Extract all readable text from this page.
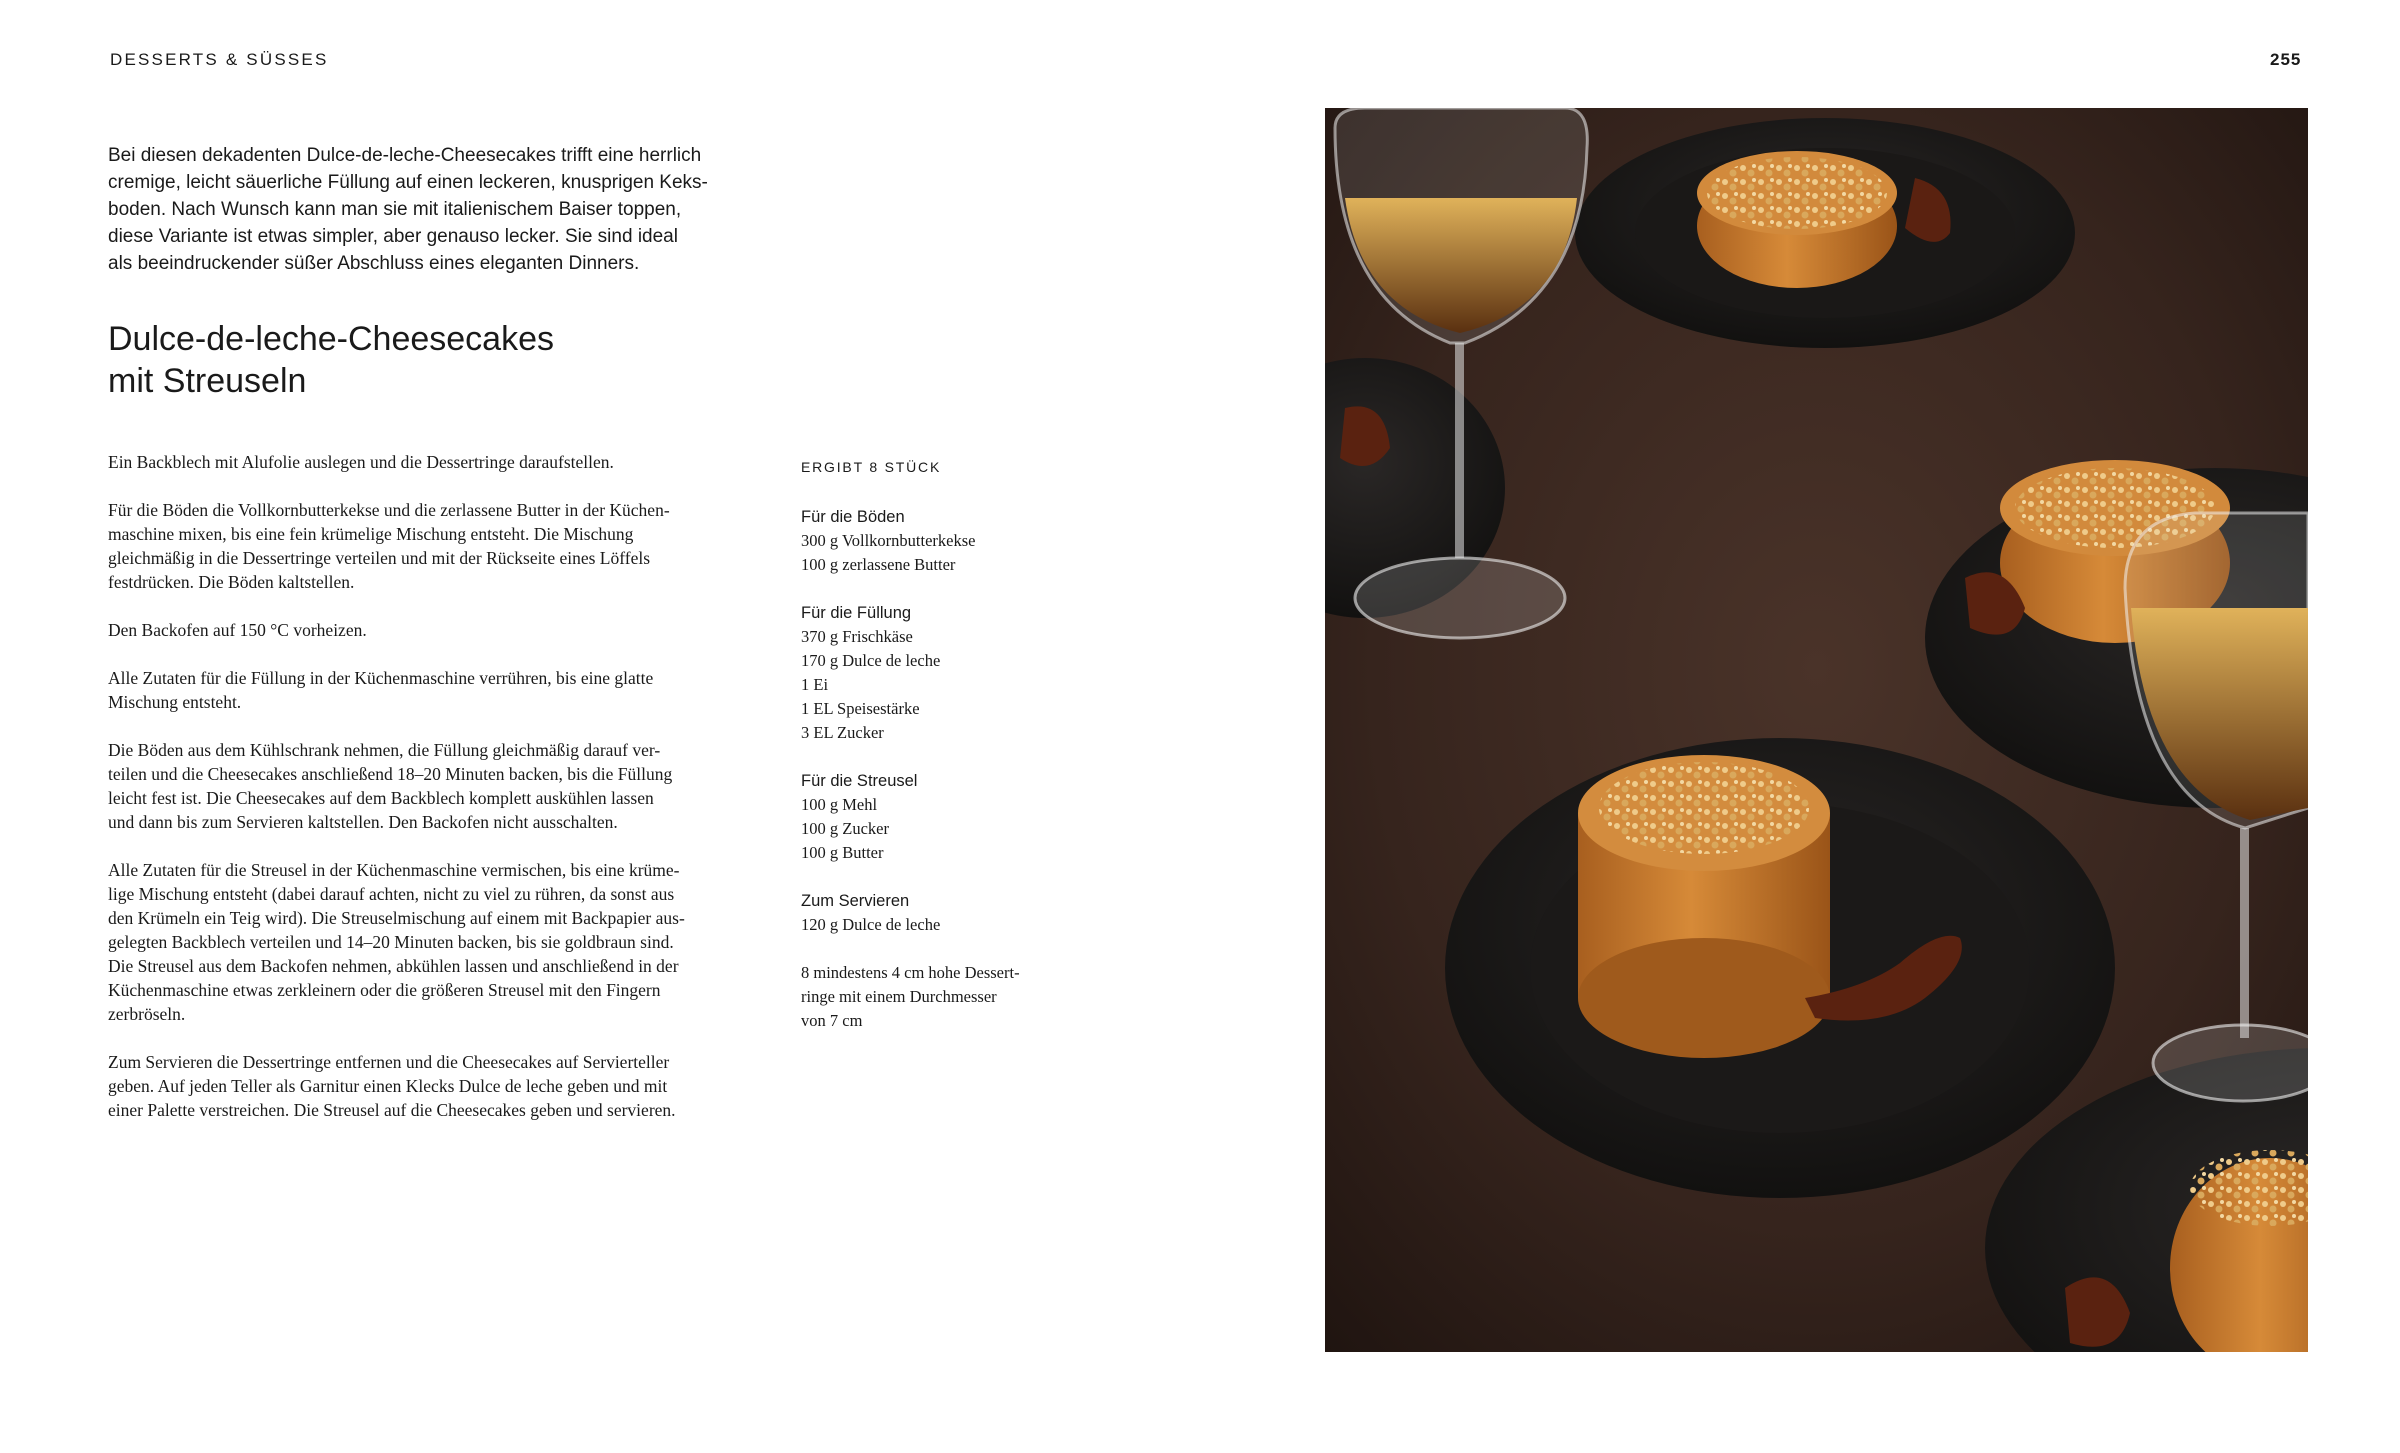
DESSERTS & SÜSSES	255
Bei diesen dekadenten Dulce-de-leche-Cheesecakes trifft eine herrlich
cremige, leicht säuerliche Füllung auf einen leckeren, knusprigen Keks-
boden. Nach Wunsch kann man sie mit italienischem Baiser toppen,
diese Variante ist etwas simpler, aber genauso lecker. Sie sind ideal
als beeindruckender süßer Abschluss eines eleganten Dinners.
Dulce-de-leche-Cheesecakes
mit Streuseln

Ein Backblech mit Alufolie auslegen und die Dessertringe daraufstellen.

Für die Böden die Vollkornbutterkekse und die zerlassene Butter in der Küchen-
maschine mixen, bis eine fein krümelige Mischung entsteht. Die Mischung
gleichmäßig in die Dessertringe verteilen und mit der Rückseite eines Löffels
festdrücken. Die Böden kaltstellen.

Den Backofen auf 150 °C vorheizen.

Alle Zutaten für die Füllung in der Küchenmaschine verrühren, bis eine glatte
Mischung entsteht.

Die Böden aus dem Kühlschrank nehmen, die Füllung gleichmäßig darauf ver-
teilen und die Cheesecakes anschließend 18–20 Minuten backen, bis die Füllung
leicht fest ist. Die Cheesecakes auf dem Backblech komplett auskühlen lassen
und dann bis zum Servieren kaltstellen. Den Backofen nicht ausschalten.

Alle Zutaten für die Streusel in der Küchenmaschine vermischen, bis eine krüme-
lige Mischung entsteht (dabei darauf achten, nicht zu viel zu rühren, da sonst aus
den Krümeln ein Teig wird). Die Streuselmischung auf einem mit Backpapier aus-
gelegten Backblech verteilen und 14–20 Minuten backen, bis sie goldbraun sind.
Die Streusel aus dem Backofen nehmen, abkühlen lassen und anschließend in der
Küchenmaschine etwas zerkleinern oder die größeren Streusel mit den Fingern
zerbröseln.

Zum Servieren die Dessertringe entfernen und die Cheesecakes auf Servierteller
geben. Auf jeden Teller als Garnitur einen Klecks Dulce de leche geben und mit
einer Palette verstreichen. Die Streusel auf die Cheesecakes geben und servieren.

ERGIBT 8 STÜCK
Für die Böden
300 g Vollkornbutterkekse
100 g zerlassene Butter
Für die Füllung
370 g Frischkäse
170 g Dulce de leche
1 Ei
1 EL Speisestärke
3 EL Zucker
Für die Streusel
100 g Mehl
100 g Zucker
100 g Butter
Zum Servieren
120 g Dulce de leche
8 mindestens 4 cm hohe Dessert-
ringe mit einem Durchmesser
von 7 cm
